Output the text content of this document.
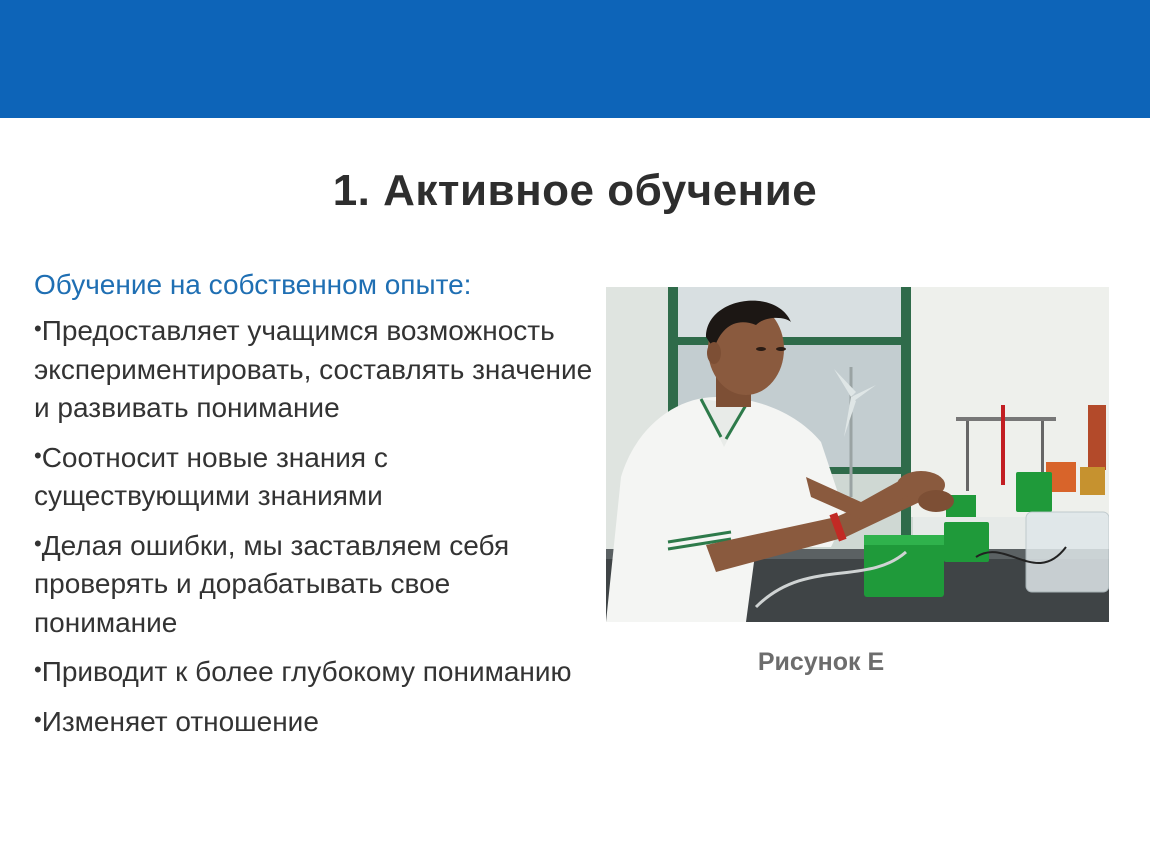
1. Активное обучение
Обучение на собственном опыте:
•Предоставляет учащимся возможность экспериментировать, составлять значение и развивать понимание
•Соотносит новые знания с существующими знаниями
•Делая ошибки, мы заставляем себя проверять и дорабатывать свое понимание
•Приводит к более глубокому пониманию
•Изменяет отношение
Рисунок E
